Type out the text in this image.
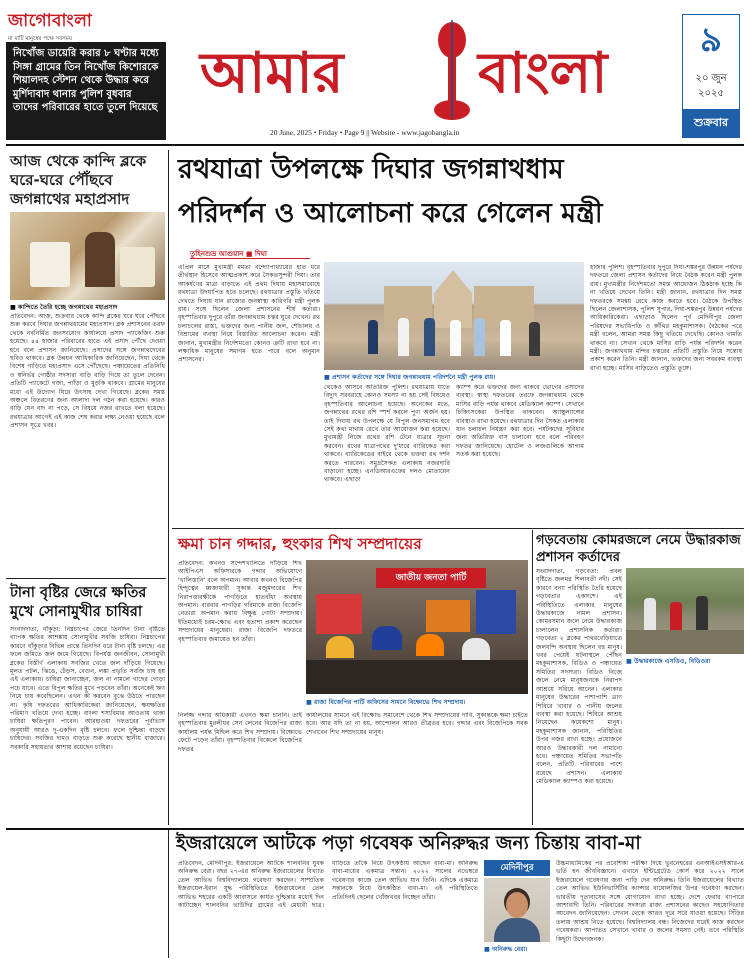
জাগোবাংলা
মা মাটি মানুষের পক্ষে সবসময়
নিখোঁজ ডায়েরি করার ৮ ঘণ্টার মধ্যে সিঙ্গা গ্রামের তিন নিখোঁজ কিশোরকে শিয়ালদহ স্টেশন থেকে উদ্ধার করে মুর্শিদাবাদ থানার পুলিশ বুধবার তাদের পরিবারের হাতে তুলে দিয়েছে
আমার বাংলা
20 June, 2025 • Friday • Page 9 || Website - www.jagobangla.in
৯
২০ জুন ২০২৫
শুক্রবার
আজ থেকে কান্দি ব্লকে ঘরে-ঘরে পৌঁছবে জগন্নাথের মহাপ্রসাদ
■ কান্দিতে তৈরি হচ্ছে জগন্নাথের মহাপ্রসাদ
প্রতিবেদন: আজ, শুক্রবার থেকে কান্দি ব্লকের ঘরে ঘরে পৌঁছবে শুরু করবে দিঘার জগন্নাথধামের মহাপ্রসাদ। ব্লক প্রশাসনের তরফ থেকে নবনির্মিত জনসংযোগ কার্যালয়ে প্রসাদ প্যাকেজিং শুরু হয়েছে। ৪৪ হাজার পরিবারের হাতে এই প্রসাদ পৌঁছে দেওয়া হবে বলে প্রশাসন জানিয়েছে। প্রসাদের সঙ্গে জগন্নাথদেবের ছবিও থাকবে। ব্লক উন্নয়ন আধিকারিক জানিয়েছেন, দিঘা থেকে বিশেষ গাড়িতে মহাপ্রসাদ এসে পৌঁছেছে। পঞ্চায়েতের প্রতিনিধি ও স্বনির্ভর গোষ্ঠীর সদস্যরা বাড়ি বাড়ি গিয়ে তা তুলে দেবেন। প্রতিটি প্যাকেটে গজা, প্যাঁড়া ও মুড়কি থাকবে। গ্রামের মানুষের মধ্যে এই উদ্যোগ ঘিরে উৎসাহ দেখা গিয়েছে। ব্লকের সমস্ত অঞ্চলে বিতরণের জন্য আলাদা দল গঠন করা হয়েছে। কারও বাড়ি যেন বাদ না পড়ে, সে বিষয়ে নজর রাখতে বলা হয়েছে। রথযাত্রার আগেই এই কাজ শেষ করার লক্ষ্য নেওয়া হয়েছে বলে প্রশাসন সূত্রে খবর।
টানা বৃষ্টির জেরে ক্ষতির মুখে সোনামুখীর চাষিরা
সংবাদদাতা, বাঁকুড়া: নিম্নচাপের জেরে তিনদিন টানা বৃষ্টিতে ব্যাপক ক্ষতির আশঙ্কায় সোনামুখীর সবজি চাষিরা। নিম্নচাপের কারণে বাঁকুড়ার বিভিন্ন প্রান্তে তিনদিন ধরে টানা বৃষ্টি চলছে। এর ফলে জমিতে জল জমে গিয়েছে। বিপর্যস্ত জনজীবন, সোনামুখী ব্লকের বিস্তীর্ণ এলাকায় সবজির খেতে জল দাঁড়িয়ে গিয়েছে। মূলত পটল, ঝিঙে, ঢেঁড়স, বেগুন, লঙ্কা প্রভৃতি সবজি চাষ হয় এই এলাকায়। চাষিরা জানাচ্ছেন, জল না নামলে গাছের গোড়া পচে যাবে। এতে বিপুল ক্ষতির মুখে পড়বেন তাঁরা। অনেকেই ঋণ নিয়ে চাষ করেছিলেন। এখন কী করবেন বুঝে উঠতে পারছেন না। কৃষি দফতরের আধিকারিকেরা জানিয়েছেন, ক্ষয়ক্ষতির পরিমাণ খতিয়ে দেখা হচ্ছে। বাংলা শস্যবিমার আওতায় থাকা চাষিরা ক্ষতিপূরণ পাবেন। আবহাওয়া দফতরের পূর্বাভাস অনুযায়ী আরও দু-একদিন বৃষ্টি চলবে। ফলে দুশ্চিন্তা বাড়ছে চাষিদের। সবজির দামও বাড়তে শুরু করেছে স্থানীয় বাজারে। সরকারি সহায়তার আশায় রয়েছেন চাষিরা।
রথযাত্রা উপলক্ষে দিঘার জগন্নাথধাম
পরিদর্শন ও আলোচনা করে গেলেন মন্ত্রী
তুহিনশুভ্র আগুয়ান ■ দিঘা
এপ্রিল মাসে মুখ্যমন্ত্রী মমতা বন্দ্যোপাধ্যায়ের হাত ধরে তীর্থস্থান হিসেবে আত্মপ্রকাশ করে সৈকতসুন্দরী দিঘা। তার আকর্ষণের মাত্রা বাড়াতে এই প্রথম দিঘায় মহাসমারোহে রথযাত্রা উদযাপিত হতে চলেছে। রথযাত্রার প্রস্তুতি খতিয়ে দেখতে দিঘায় যান রাজ্যের জনস্বাস্থ্য কারিগরি মন্ত্রী পুলক রায়। সঙ্গে ছিলেন জেলা প্রশাসনের শীর্ষ কর্তারা। বৃহস্পতিবার দুপুরে তাঁরা জগন্নাথধাম চত্বর ঘুরে দেখেন। রথ চলাচলের রাস্তা, ভক্তদের জন্য পানীয় জল, শৌচালয় ও বিশ্রামের ব্যবস্থা নিয়ে বিস্তারিত আলোচনা করেন। মন্ত্রী জানান, মুখ্যমন্ত্রীর নির্দেশমতো কোনও ত্রুটি রাখা হবে না। লক্ষাধিক মানুষের সমাগম হতে পারে বলে অনুমান প্রশাসনের।
■ প্রশাসন কর্তাদের সঙ্গে দিঘার জগন্নাথধাম পরিদর্শনে মন্ত্রী পুলক রায়।
থেকেও আসবে অতিরিক্ত পুলিশ। রথযাত্রায় যাতে বিদ্যুৎ সরবরাহে কোনও সমস্যা না হয় সেই বিষয়েও বৃহস্পতিবার আলোচনা হয়েছে। অনেকের মতে, জগন্নাথের রথের রশি স্পর্শ করলে পুণ্য অর্জন হয়। তাই দিঘায় রথ উপলক্ষে যে বিপুল জনসমাগম হবে সেই কথা মাথায় রেখে তার আয়োজন করা হয়েছে। মুখ্যমন্ত্রী নিজে রথের রশি টেনে যাত্রার সূচনা করবেন। রথের যাত্রাপথের দু'ধারে ব্যারিকেড করা থাকবে। ব্যারিকেডের বাইরে থেকে ভক্তরা রথ দর্শন করতে পারবেন। সমুদ্রসৈকত এলাকায় নজরদারি বাড়ানো হচ্ছে। এনডিআরএফের দলও মোতায়েন থাকবে। এছাড়া
ক্যাম্প করে ভক্তদের জন্য থাকবে ভোগের প্রসাদের ব্যবস্থা। স্বাস্থ্য দফতরের তরফে জগন্নাথধাম থেকে মাসির বাড়ি পর্যন্ত থাকবে মেডিক্যাল ক্যাম্প। সেখানে চিকিৎসকেরা উপস্থিত থাকবেন। অ্যাম্বুল্যান্সের ব্যবস্থাও রাখা হয়েছে। রথযাত্রার দিন সৈকত এলাকায় যান চলাচল নিয়ন্ত্রণ করা হবে। পর্যটকদের সুবিধার জন্য অতিরিক্ত বাস চালানো হবে বলে পরিবহণ দফতর জানিয়েছে। হোটেল ও লজগুলিকে আগাম সতর্ক করা হয়েছে।
হাজার পুলিশ। বৃহস্পতিবার দুপুরে দিঘা-শঙ্করপুর উন্নয়ন পর্ষদের দফতরে জেলা প্রশাসন কর্তাদের নিয়ে বৈঠক করেন মন্ত্রী পুলক রায়। মুখ্যমন্ত্রীর নির্দেশমতো সমস্ত আয়োজন ঠিকঠাক হচ্ছে কি না খতিয়ে দেখেন তিনি। মন্ত্রী জানান, রথযাত্রার দিন সমস্ত দফতরকে সমন্বয় রেখে কাজ করতে হবে। বৈঠকে উপস্থিত ছিলেন জেলাশাসক, পুলিশ সুপার, দিঘা-শঙ্করপুর উন্নয়ন পর্ষদের আধিকারিকেরা। এছাড়াও ছিলেন পূর্ব মেদিনীপুর জেলা পরিষদের সভাধিপতি ও কাঁথির মহকুমাশাসক। বৈঠকের পরে মন্ত্রী বলেন, আমরা সমস্ত কিছু খতিয়ে দেখেছি। কোনও খামতি থাকবে না। সেখান থেকে মাসির বাড়ি পর্যন্ত পরিদর্শন করেন মন্ত্রী। জগন্নাথধাম মন্দির চত্বরের প্রতিটি প্রস্তুতি নিয়ে সন্তোষ প্রকাশ করেন তিনি। মন্ত্রী জানান, ভক্তদের জন্য সবরকম ব্যবস্থা রাখা হচ্ছে। মাসির বাড়িতেও প্রস্তুতি তুঙ্গে।
ক্ষমা চান গদ্দার, হুংকার শিখ সম্প্রদায়ের
প্রতিবেদন: কখনও সন্দেশখালিতে দাঁড়িয়ে শিখ আইপিএস অফিসারকে গদ্দার অভিযোগে 'খালিস্তানি' বলে অপমান। আবার কখনও বিজেপির হিন্দুত্বের ধ্বজাধারী সুকান্ত মজুমদারের শিখ নিরাপত্তারক্ষীকে পাগড়িতে হাতবাঁধা অবস্থায় অপমান। বারবার পাগড়ির গরিমাকে রাজ্য বিজেপি নেতারা অপমান করায় বিক্ষুব্ধ গোটা সম্প্রদায়। ইতিমধ্যেই চরম-ক্ষোভ এবং হতাশা প্রকাশ করেছেন সম্প্রদায়ের মানুষেরা। রাজ্য বিজেপি দফতরে বৃহস্পতিবার জমায়েত হন তাঁরা।
জাতীয় জনতা পার্টি
■ রাজ্য বিজেপির পার্টি অফিসের সামনে বিক্ষোভে শিখ সম্প্রদায়।
নির্লজ্জ গদ্দার অধিকারী এখনও ক্ষমা চাননি। তাই বৃহস্পতিবার মুরলীধর সেন লেনের বিজেপির রাজ্য কার্যালয় পর্যন্ত মিছিল করে শিখ সম্প্রদায়। বিক্ষোভে ফেটে পড়েন তাঁরা। বৃহস্পতিবার বিকেলে বিজেপির দফতর
কার্যালয়ের সামনে এই বিক্ষোভ সমাবেশে থেকে শিখ সম্প্রদায়ের দাবি, সুকান্তকে ক্ষমা চাইতে হবে। আর যদি তা না হয়, আন্দোলন আরও তীব্রতর হবে। গদ্দার এবং বিজেপিকে সবক শেখাবেন শিখ সম্প্রদায়ের মানুষ।
গড়বেতায় কোমরজলে নেমে উদ্ধারকাজ প্রশাসন কর্তাদের
সংবাদদাতা, গড়বেতা: প্রবল বৃষ্টিতে জলমগ্ন শিলাবতী নদী। সেই কারণে বন্যা পরিস্থিতি তৈরি হয়েছে গড়বেতার একাংশে। এই পরিস্থিতিতে এলাকার মানুষের উদ্ধারকাজে নামল প্রশাসন। কোমরসমান জলে নেমে উদ্ধারকাজ চালালেন প্রশাসনিক কর্তারা। গড়বেতা ২ ব্লকের পাথরবেড়িয়াতে জলবন্দি অবস্থায় ছিলেন বহু মানুষ। খবর পেয়েই ঘটনাস্থলে পৌঁছন মহকুমাশাসক, বিডিও ও পঞ্চায়েত সমিতির সদস্যরা। বিডিও নিজে জলে নেমে মানুষজনকে নিরাপদ আশ্রয়ে সরিয়ে আনেন। এলাকার মানুষের উদ্ধারের পাশাপাশি ত্রাণ শিবিরে খাবার ও পানীয় জলের ব্যবস্থা করা হয়েছে। শিবিরে আশ্রয় নিয়েছেন কয়েকশো মানুষ। মহকুমাশাসক জানান, পরিস্থিতির উপর নজর রাখা হচ্ছে। প্রয়োজনে আরও উদ্ধারকারী দল নামানো হবে। পঞ্চায়েত সমিতির সভাপতি বলেন, প্রতিটি পরিবারের পাশে রয়েছে প্রশাসন। এলাকায় মেডিক্যাল ক্যাম্পও করা হয়েছে।
■ উদ্ধারকাজে এসডিও, বিডিওরা
ইজরায়েলে আটকে পড়া গবেষক অনিরুদ্ধর জন্য চিন্তায় বাবা-মা
প্রতিবেদন, মেদিনীপুর: ইজরায়েলে আটকে শালবনির যুবক অনিরুদ্ধ বেরা। বছর ২৭-এর অনিরুদ্ধ ইজরায়েলের বিখ্যাত তেল আভিভ বিশ্ববিদ্যালয়ে গবেষণা করছেন। সাম্প্রতিক ইজরায়েল-ইরান যুদ্ধ পরিস্থিতিতে ইজরায়েলের তেল আভিভ শহরের একটি আবাসনে কার্যত দুশ্চিন্তার মধ্যেই দিন কাটাচ্ছেন শালবনির ভাউদির গ্রামের এই মেধাবী ছাত্র। বাড়িতে তাঁকে নিয়ে উৎকণ্ঠায় আছেন বাবা-মা। অনিরুদ্ধ বাবা-মায়ের একমাত্র সন্তান। ২০২২ সালের নভেম্বরে গবেষণার কাজে তেল আভিভ যান তিনি। এদিকে একমাত্র সন্তানকে নিয়ে উৎকণ্ঠিত বাবা-মা। এই পরিস্থিতিতে প্রতিদিনই ছেলের খোঁজখবর নিচ্ছেন তাঁরা।
মেদিনীপুর
■ অনিরুদ্ধ বেরা।
উচ্চমাধ্যমিকের পর প্রবেশিকা পরীক্ষা দিয়ে ভুবনেশ্বরের এনআইএসইআর-এ ভর্তি হন জীববিজ্ঞানে। এখানে ইন্টিগ্রেটেড কোর্স করে ২০২২ সালে ইজরায়েলে গবেষণার জন্য পাড়ি দেন অনিরুদ্ধ। তিনি ইজরায়েলের বিখ্যাত তেল আভিভ ইউনিভার্সিটির ক্যান্সার বায়োলজির উপর গবেষণা করছেন। ভারতীয় দূতাবাসের সঙ্গে যোগাযোগ রাখা হচ্ছে। দেশে ফেরার ব্যাপারে আশাবাদী তিনি। পরিবারের সদস্যরা রাজ্য প্রশাসনের কাছেও সহযোগিতার আবেদন জানিয়েছেন। সেখান থেকে আরও দূরে সরে যাওয়া হয়েছে। সিঁড়ির তলায় আশ্রয় নিতে হয়েছে। বিশ্ববিদ্যালয় বন্ধ। নিজেদের ঘরেই কাজ করছেন গবেষকরা। আপাতত সেখানে খাবার ও জলের সমস্যা নেই। তবে পরিস্থিতি কিছুটা উদ্বেগজনক।
